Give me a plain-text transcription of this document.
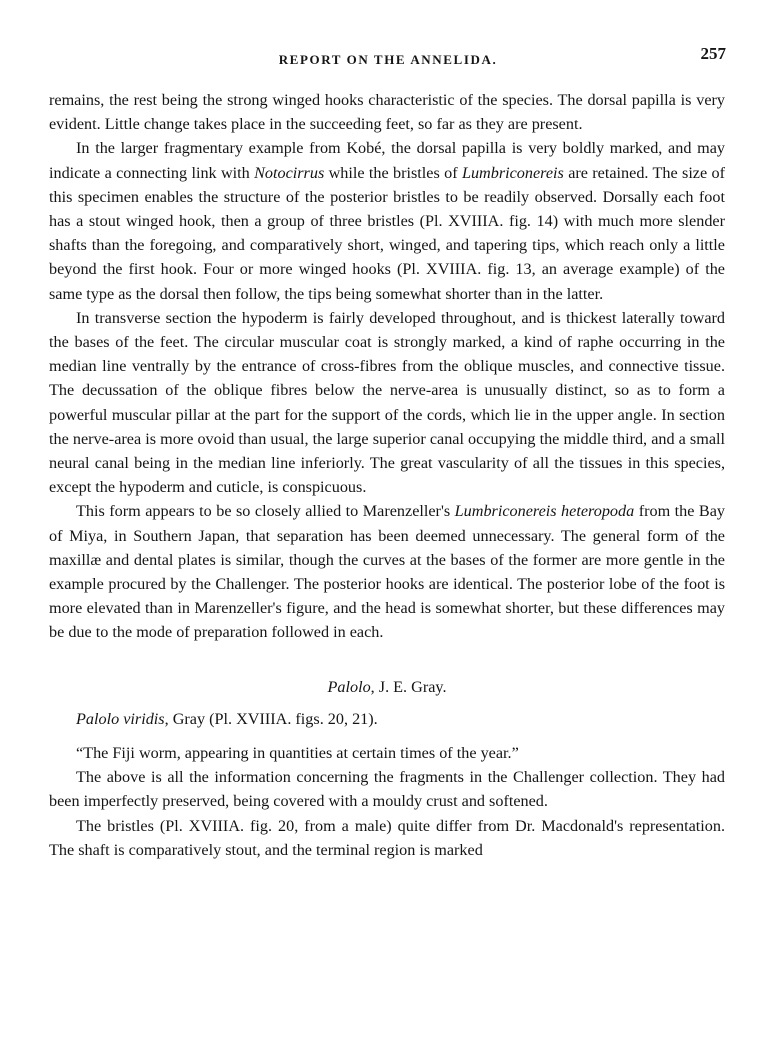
REPORT ON THE ANNELIDA.	257

remains, the rest being the strong winged hooks characteristic of the species. The dorsal papilla is very evident. Little change takes place in the succeeding feet, so far as they are present.

In the larger fragmentary example from Kobé, the dorsal papilla is very boldly marked, and may indicate a connecting link with Notocirrus while the bristles of Lumbriconereis are retained. The size of this specimen enables the structure of the posterior bristles to be readily observed. Dorsally each foot has a stout winged hook, then a group of three bristles (Pl. XVIIIA. fig. 14) with much more slender shafts than the foregoing, and comparatively short, winged, and tapering tips, which reach only a little beyond the first hook. Four or more winged hooks (Pl. XVIIIA. fig. 13, an average example) of the same type as the dorsal then follow, the tips being somewhat shorter than in the latter.

In transverse section the hypoderm is fairly developed throughout, and is thickest laterally toward the bases of the feet. The circular muscular coat is strongly marked, a kind of raphe occurring in the median line ventrally by the entrance of cross-fibres from the oblique muscles, and connective tissue. The decussation of the oblique fibres below the nerve-area is unusually distinct, so as to form a powerful muscular pillar at the part for the support of the cords, which lie in the upper angle. In section the nerve-area is more ovoid than usual, the large superior canal occupying the middle third, and a small neural canal being in the median line inferiorly. The great vascularity of all the tissues in this species, except the hypoderm and cuticle, is conspicuous.

This form appears to be so closely allied to Marenzeller's Lumbriconereis heteropoda from the Bay of Miya, in Southern Japan, that separation has been deemed unnecessary. The general form of the maxillæ and dental plates is similar, though the curves at the bases of the former are more gentle in the example procured by the Challenger. The posterior hooks are identical. The posterior lobe of the foot is more elevated than in Marenzeller's figure, and the head is somewhat shorter, but these differences may be due to the mode of preparation followed in each.

Palolo, J. E. Gray.

Palolo viridis, Gray (Pl. XVIIIA. figs. 20, 21).

“The Fiji worm, appearing in quantities at certain times of the year.”

The above is all the information concerning the fragments in the Challenger collection. They had been imperfectly preserved, being covered with a mouldy crust and softened.

The bristles (Pl. XVIIIA. fig. 20, from a male) quite differ from Dr. Macdonald's representation. The shaft is comparatively stout, and the terminal region is marked
